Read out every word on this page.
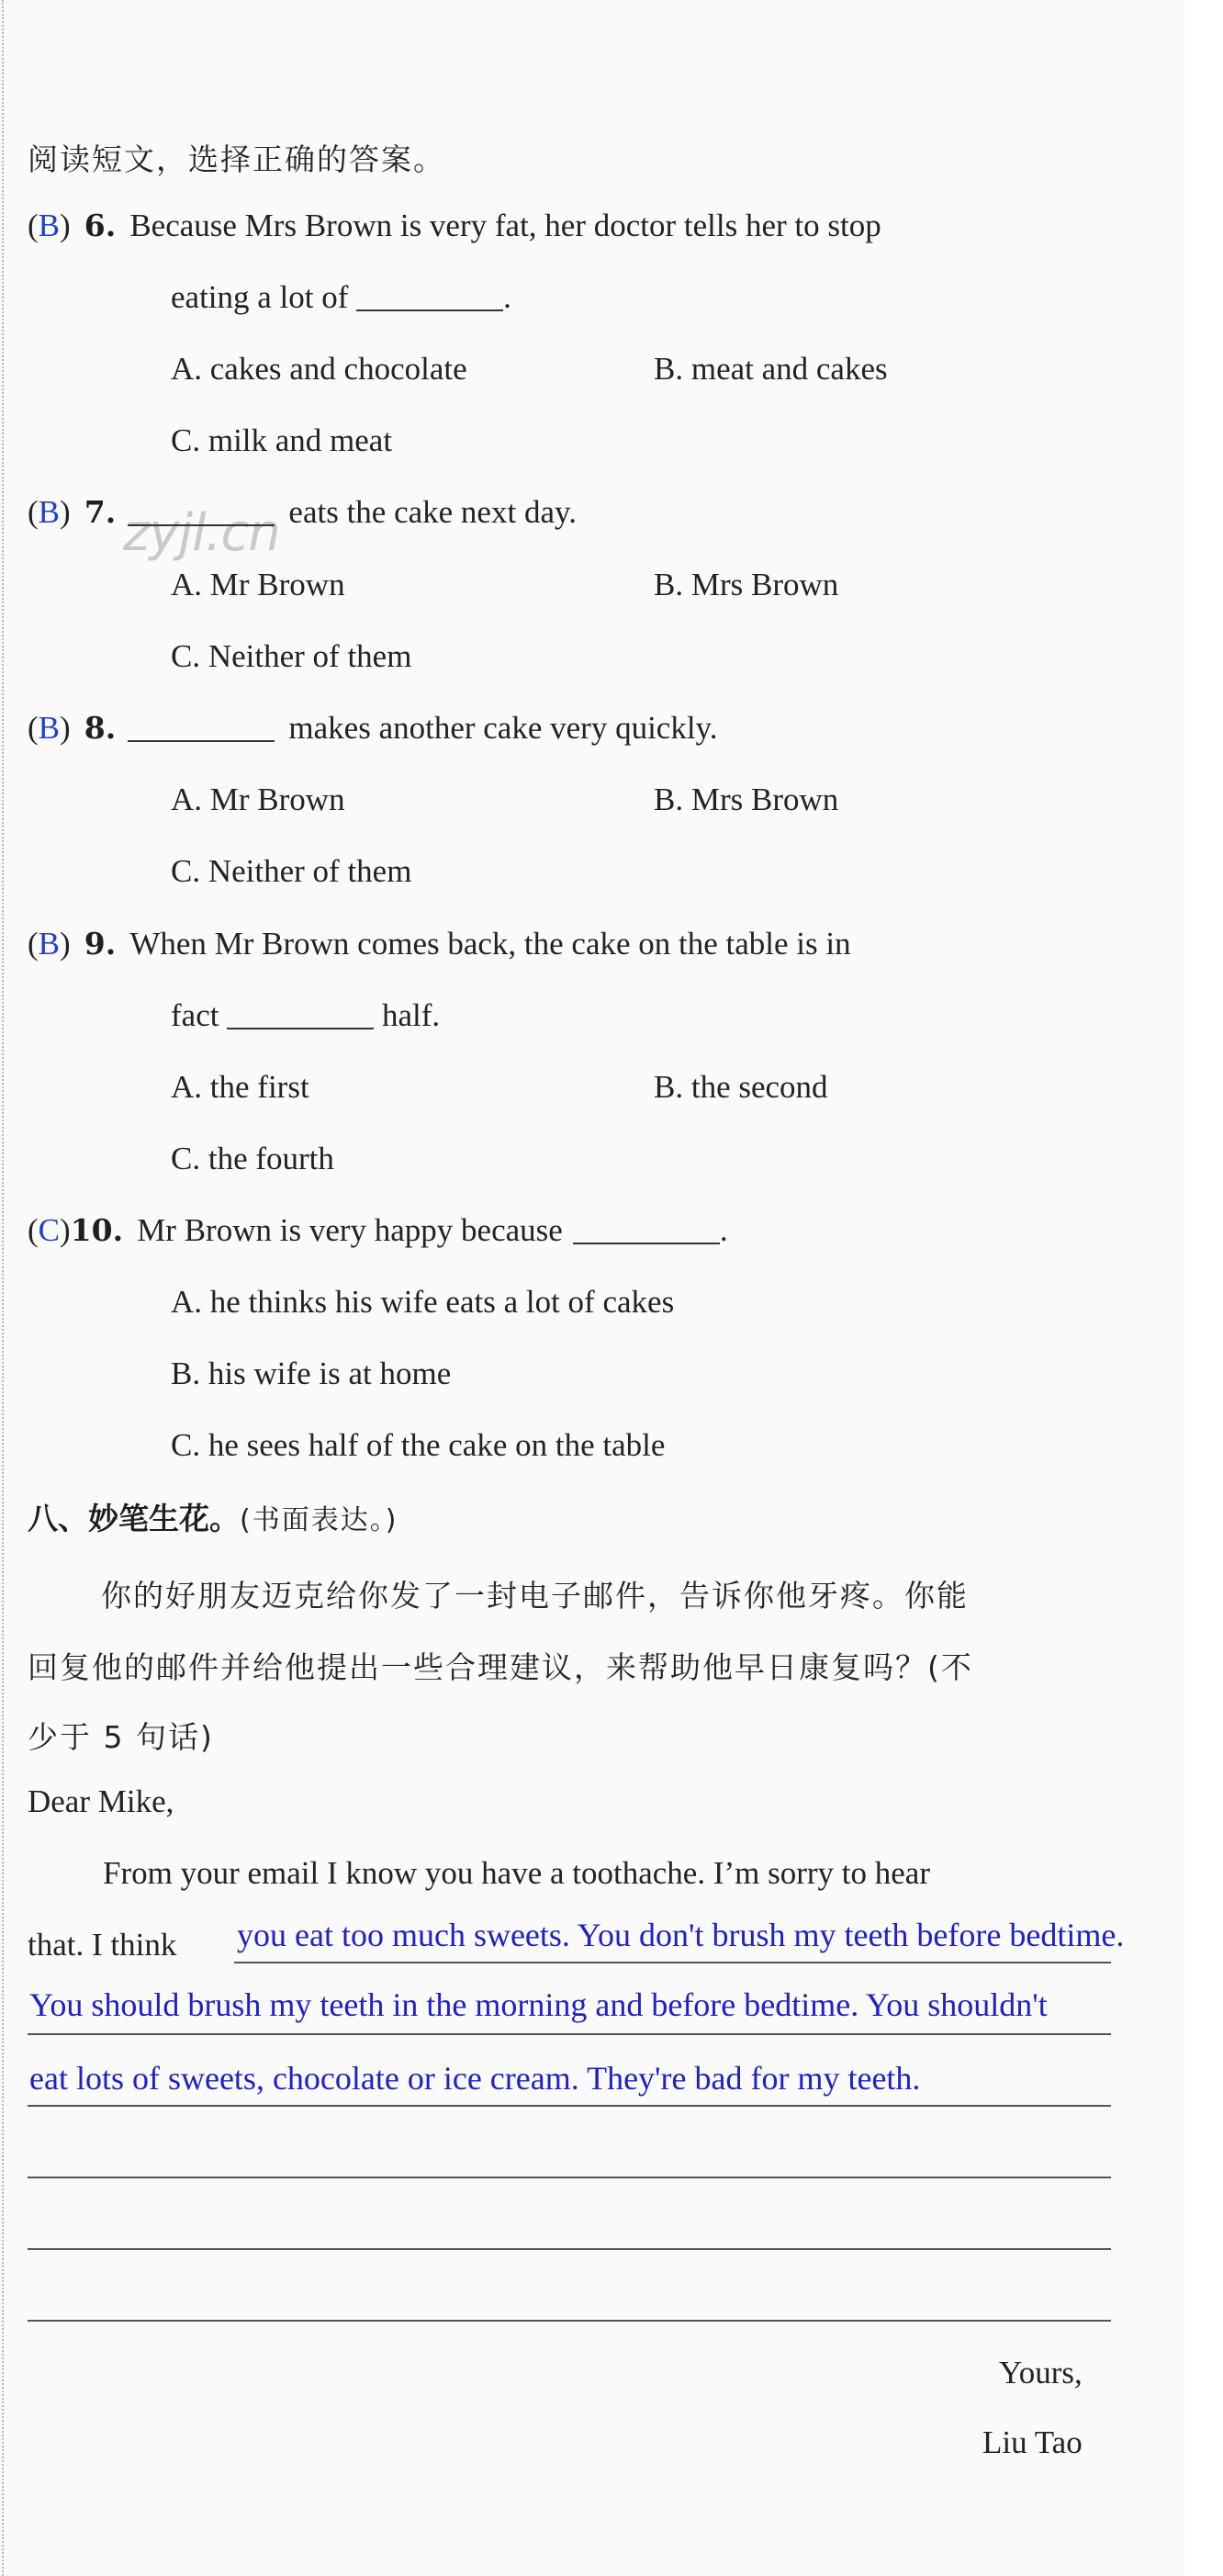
阅读短文，选择正确的答案。
(B) 6. Because Mrs Brown is very fat, her doctor tells her to stop
eating a lot of	.
A. cakes and chocolate	B. meat and cakes
C. milk and meat
zyjl.cn
(B) 7.	eats the cake next day.
A. Mr Brown	B. Mrs Brown
C. Neither of them
(B) 8.	makes another cake very quickly.
A. Mr Brown	B. Mrs Brown
C. Neither of them
(B) 9. When Mr Brown comes back, the cake on the table is in
fact	half.
A. the first	B. the second
C. the fourth
(C)10. Mr Brown is very happy because	.
A. he thinks his wife eats a lot of cakes
B. his wife is at home
C. he sees half of the cake on the table
八、妙笔生花。(书面表达。)
你的好朋友迈克给你发了一封电子邮件，告诉你他牙疼。你能
回复他的邮件并给他提出一些合理建议，来帮助他早日康复吗？(不
少于 5 句话)
Dear Mike,
From your email I know you have a toothache. I’m sorry to hear
that. I think you eat too much sweets. You don't brush my teeth before bedtime.
You should brush my teeth in the morning and before bedtime. You shouldn't
eat lots of sweets, chocolate or ice cream. They're bad for my teeth.
Yours,
Liu Tao
